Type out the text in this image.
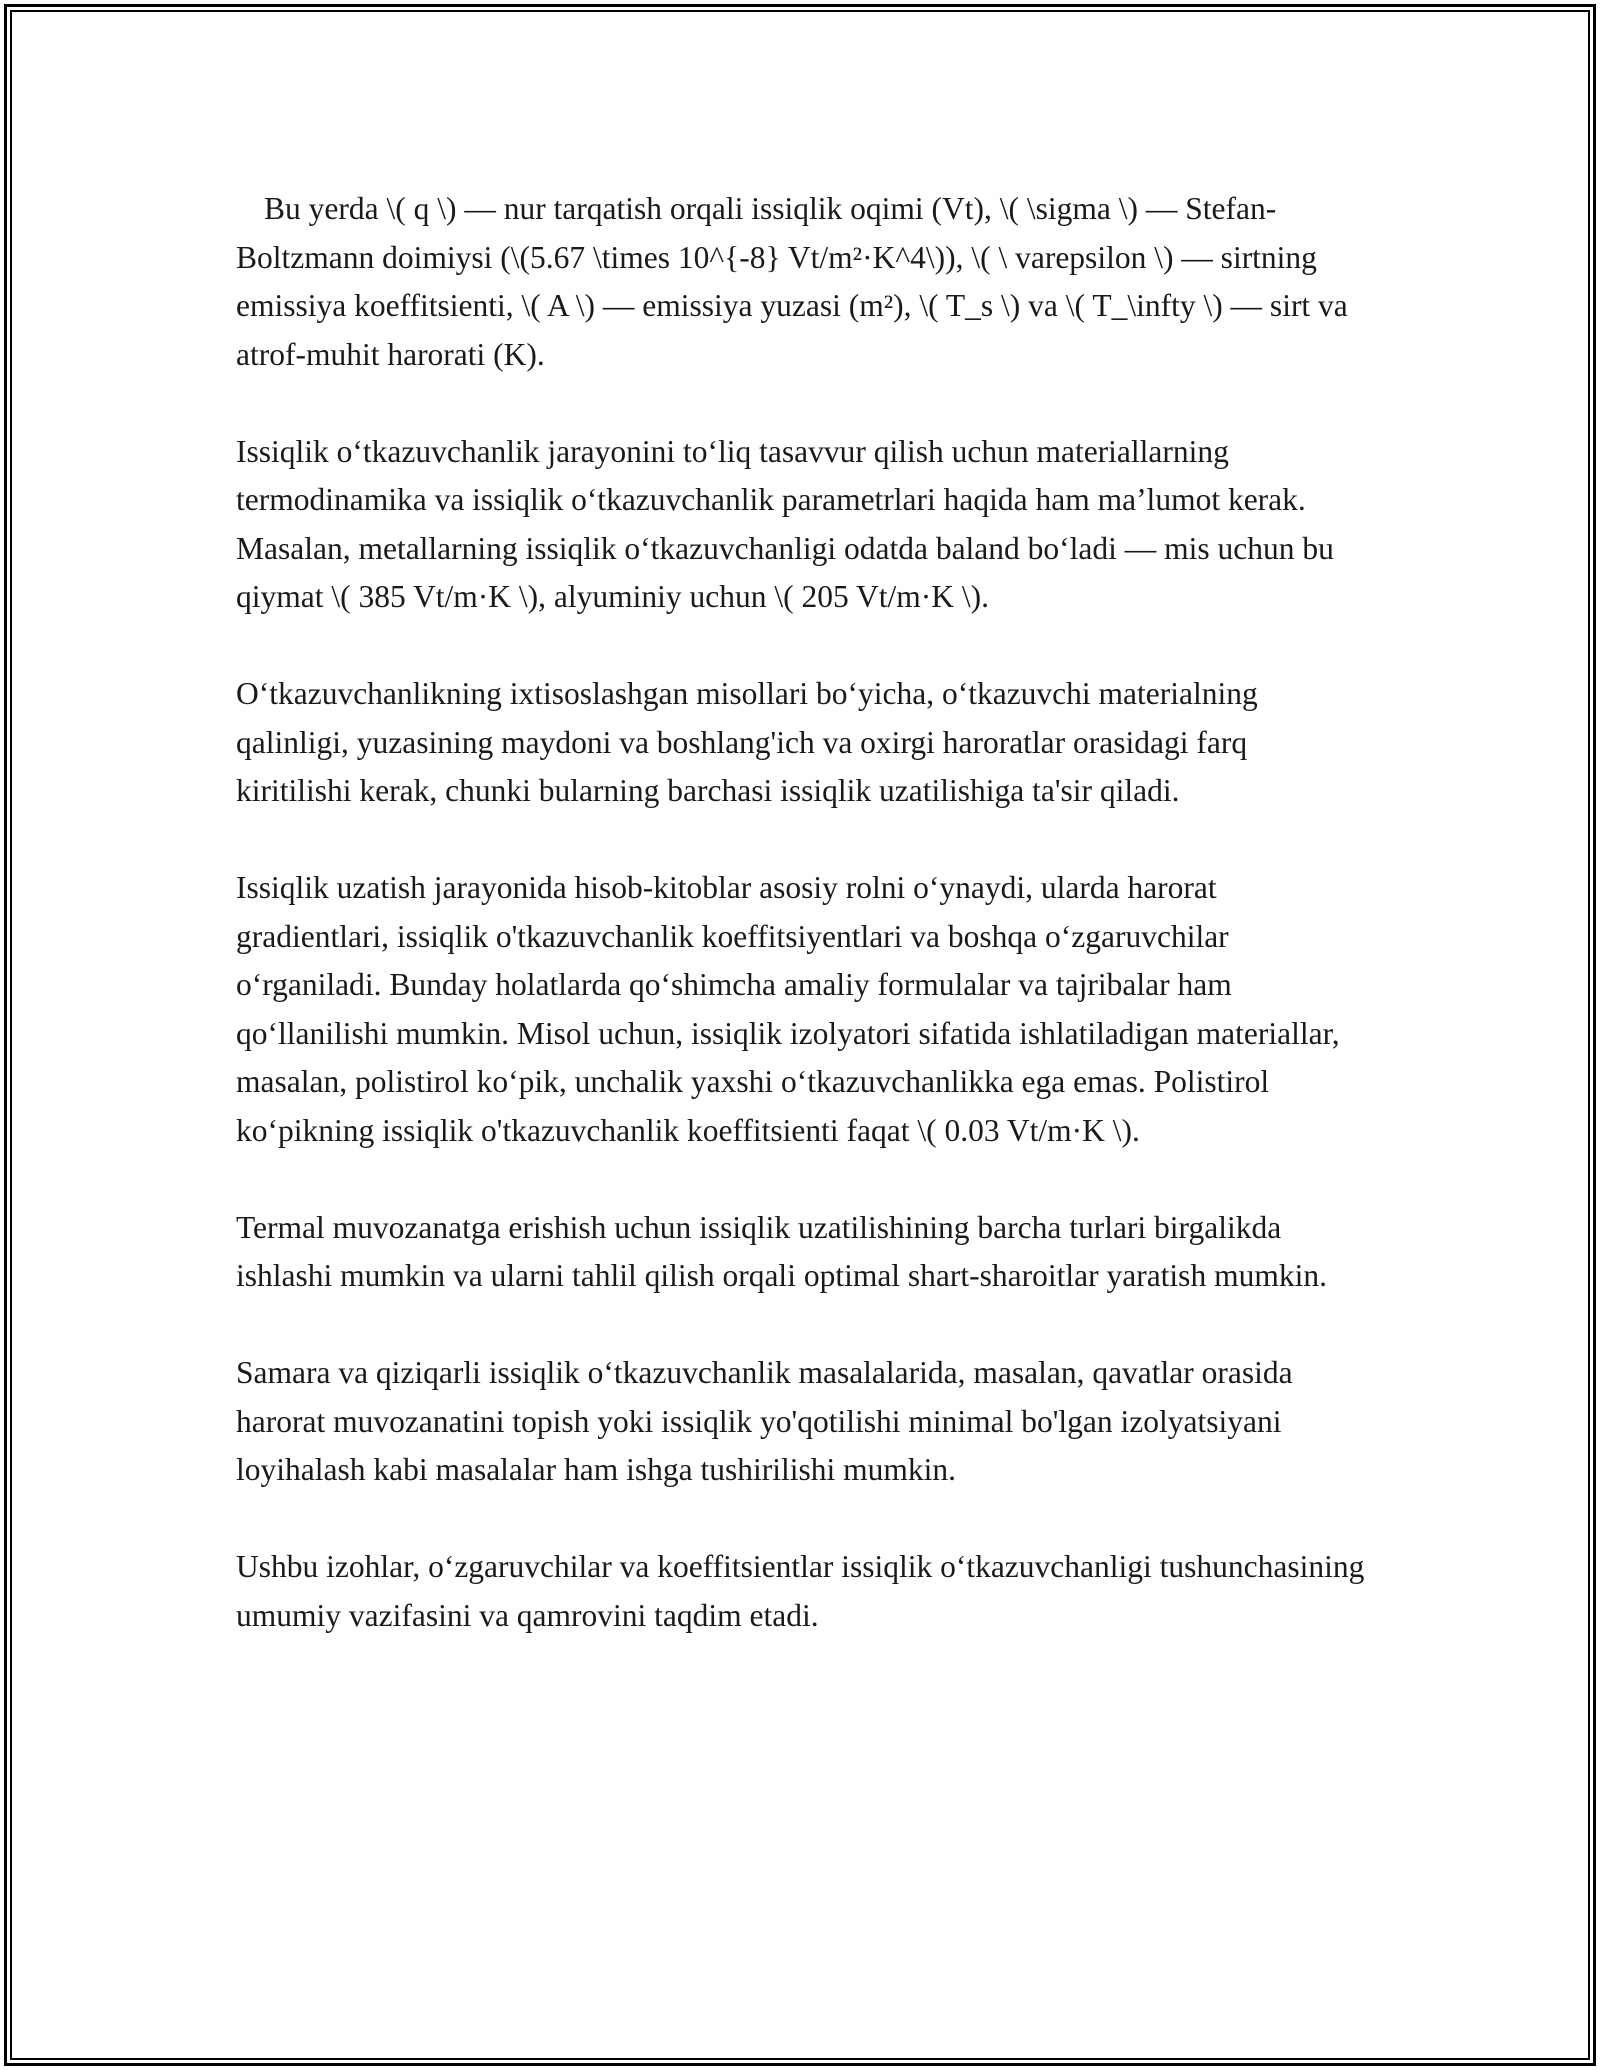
Bu yerda \( q \) — nur tarqatish orqali issiqlik oqimi (Vt), \( \sigma \) — Stefan-Boltzmann doimiysi (\(5.67 \times 10^{-8} Vt/m²·K^4\)), \( \ varepsilon \) — sirtning emissiya koeffitsienti, \( A \) — emissiya yuzasi (m²), \( T_s \) va \( T_\infty \) — sirt va atrof-muhit harorati (K).

Issiqlik o‘tkazuvchanlik jarayonini to‘liq tasavvur qilish uchun materiallarning termodinamika va issiqlik o‘tkazuvchanlik parametrlari haqida ham ma’lumot kerak. Masalan, metallarning issiqlik o‘tkazuvchanligi odatda baland bo‘ladi — mis uchun bu qiymat \( 385 Vt/m·K \), alyuminiy uchun \( 205 Vt/m·K \).

O‘tkazuvchanlikning ixtisoslashgan misollari bo‘yicha, o‘tkazuvchi materialning qalinligi, yuzasining maydoni va boshlang'ich va oxirgi haroratlar orasidagi farq kiritilishi kerak, chunki bularning barchasi issiqlik uzatilishiga ta'sir qiladi.

Issiqlik uzatish jarayonida hisob-kitoblar asosiy rolni o‘ynaydi, ularda harorat gradientlari, issiqlik o'tkazuvchanlik koeffitsiyentlari va boshqa o‘zgaruvchilar o‘rganiladi. Bunday holatlarda qo‘shimcha amaliy formulalar va tajribalar ham qo‘llanilishi mumkin. Misol uchun, issiqlik izolyatori sifatida ishlatiladigan materiallar, masalan, polistirol ko‘pik, unchalik yaxshi o‘tkazuvchanlikka ega emas. Polistirol ko‘pikning issiqlik o'tkazuvchanlik koeffitsienti faqat \( 0.03 Vt/m·K \).

Termal muvozanatga erishish uchun issiqlik uzatilishining barcha turlari birgalikda ishlashi mumkin va ularni tahlil qilish orqali optimal shart-sharoitlar yaratish mumkin.

Samara va qiziqarli issiqlik o‘tkazuvchanlik masalalarida, masalan, qavatlar orasida harorat muvozanatini topish yoki issiqlik yo'qotilishi minimal bo'lgan izolyatsiyani loyihalash kabi masalalar ham ishga tushirilishi mumkin.

Ushbu izohlar, o‘zgaruvchilar va koeffitsientlar issiqlik o‘tkazuvchanligi tushunchasining umumiy vazifasini va qamrovini taqdim etadi.
